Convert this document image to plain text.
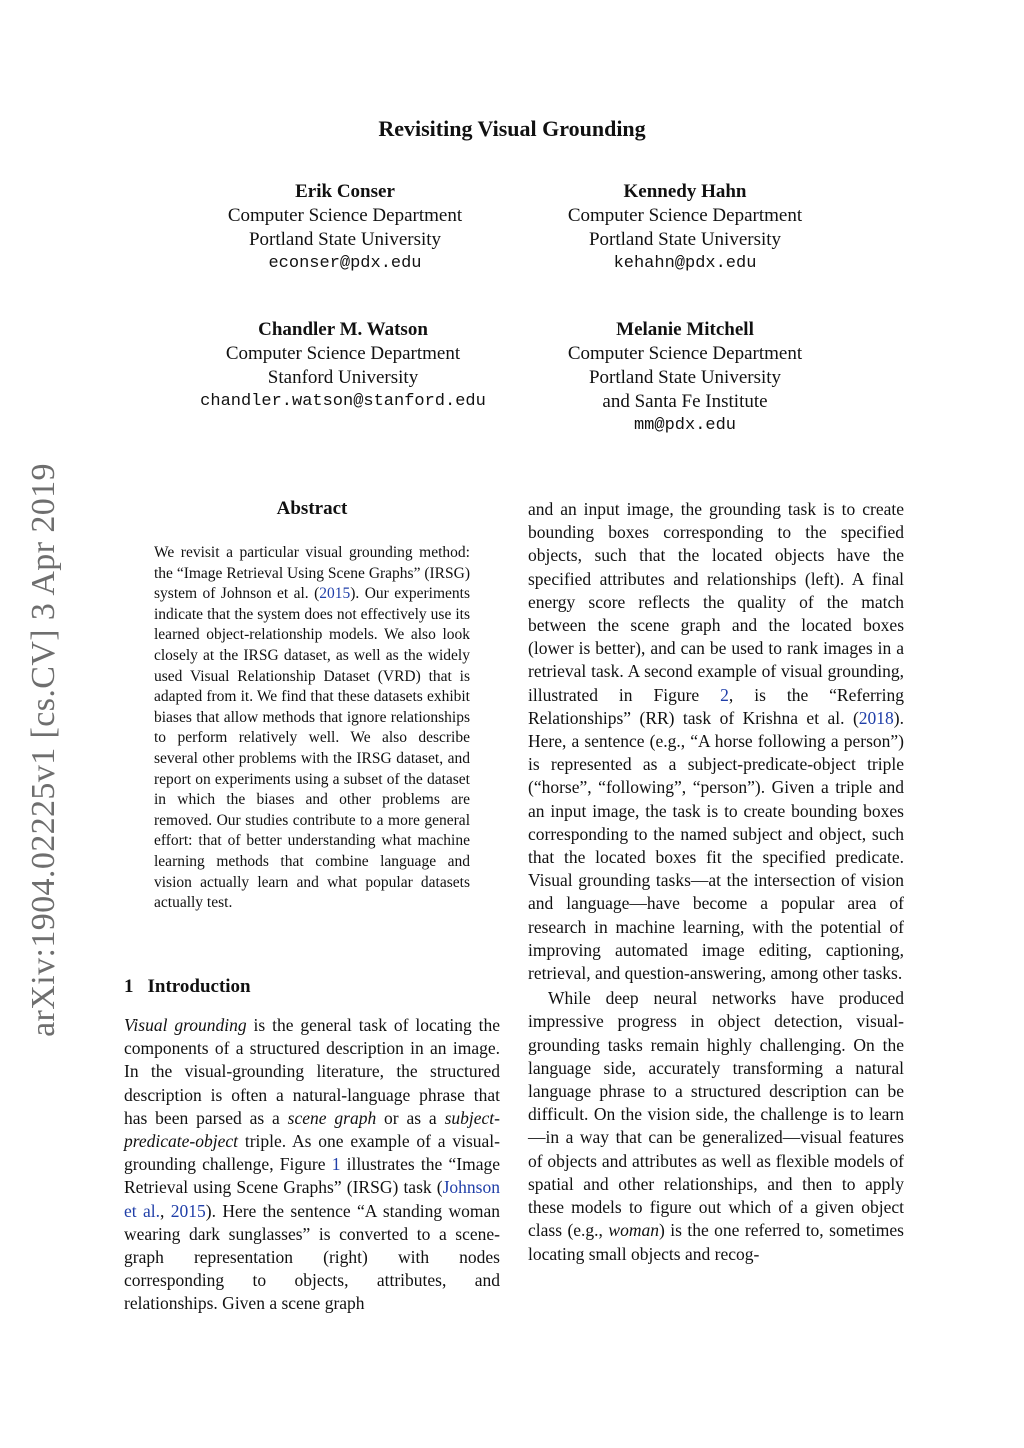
arXiv:1904.02225v1 [cs.CV] 3 Apr 2019
Revisiting Visual Grounding
Erik Conser
Computer Science Department
Portland State University
econser@pdx.edu
Kennedy Hahn
Computer Science Department
Portland State University
kehahn@pdx.edu
Chandler M. Watson
Computer Science Department
Stanford University
chandler.watson@stanford.edu
Melanie Mitchell
Computer Science Department
Portland State University
and Santa Fe Institute
mm@pdx.edu
Abstract
We revisit a particular visual grounding method: the “Image Retrieval Using Scene Graphs” (IRSG) system of Johnson et al. (2015). Our experiments indicate that the system does not effectively use its learned object-relationship models. We also look closely at the IRSG dataset, as well as the widely used Visual Relationship Dataset (VRD) that is adapted from it. We find that these datasets exhibit biases that allow methods that ignore relationships to perform relatively well. We also describe several other problems with the IRSG dataset, and report on experiments using a subset of the dataset in which the biases and other problems are removed. Our studies contribute to a more general effort: that of better understanding what machine learning methods that combine language and vision actually learn and what popular datasets actually test.
1 Introduction

Visual grounding is the general task of locating the components of a structured description in an image. In the visual-grounding literature, the structured description is often a natural-language phrase that has been parsed as a scene graph or as a subject-predicate-object triple. As one example of a visual-grounding challenge, Figure 1 illustrates the “Image Retrieval using Scene Graphs” (IRSG) task (Johnson et al., 2015). Here the sentence “A standing woman wearing dark sunglasses” is converted to a scene-graph representation (right) with nodes corresponding to objects, attributes, and relationships. Given a scene graph

and an input image, the grounding task is to create bounding boxes corresponding to the specified objects, such that the located objects have the specified attributes and relationships (left). A final energy score reflects the quality of the match between the scene graph and the located boxes (lower is better), and can be used to rank images in a retrieval task. A second example of visual grounding, illustrated in Figure 2, is the “Referring Relationships” (RR) task of Krishna et al. (2018). Here, a sentence (e.g., “A horse following a person”) is represented as a subject-predicate-object triple (“horse”, “following”, “person”). Given a triple and an input image, the task is to create bounding boxes corresponding to the named subject and object, such that the located boxes fit the specified predicate. Visual grounding tasks—at the intersection of vision and language—have become a popular area of research in machine learning, with the potential of improving automated image editing, captioning, retrieval, and question-answering, among other tasks.

While deep neural networks have produced impressive progress in object detection, visual-grounding tasks remain highly challenging. On the language side, accurately transforming a natural language phrase to a structured description can be difficult. On the vision side, the challenge is to learn—in a way that can be generalized—visual features of objects and attributes as well as flexible models of spatial and other relationships, and then to apply these models to figure out which of a given object class (e.g., woman) is the one referred to, sometimes locating small objects and recog-
